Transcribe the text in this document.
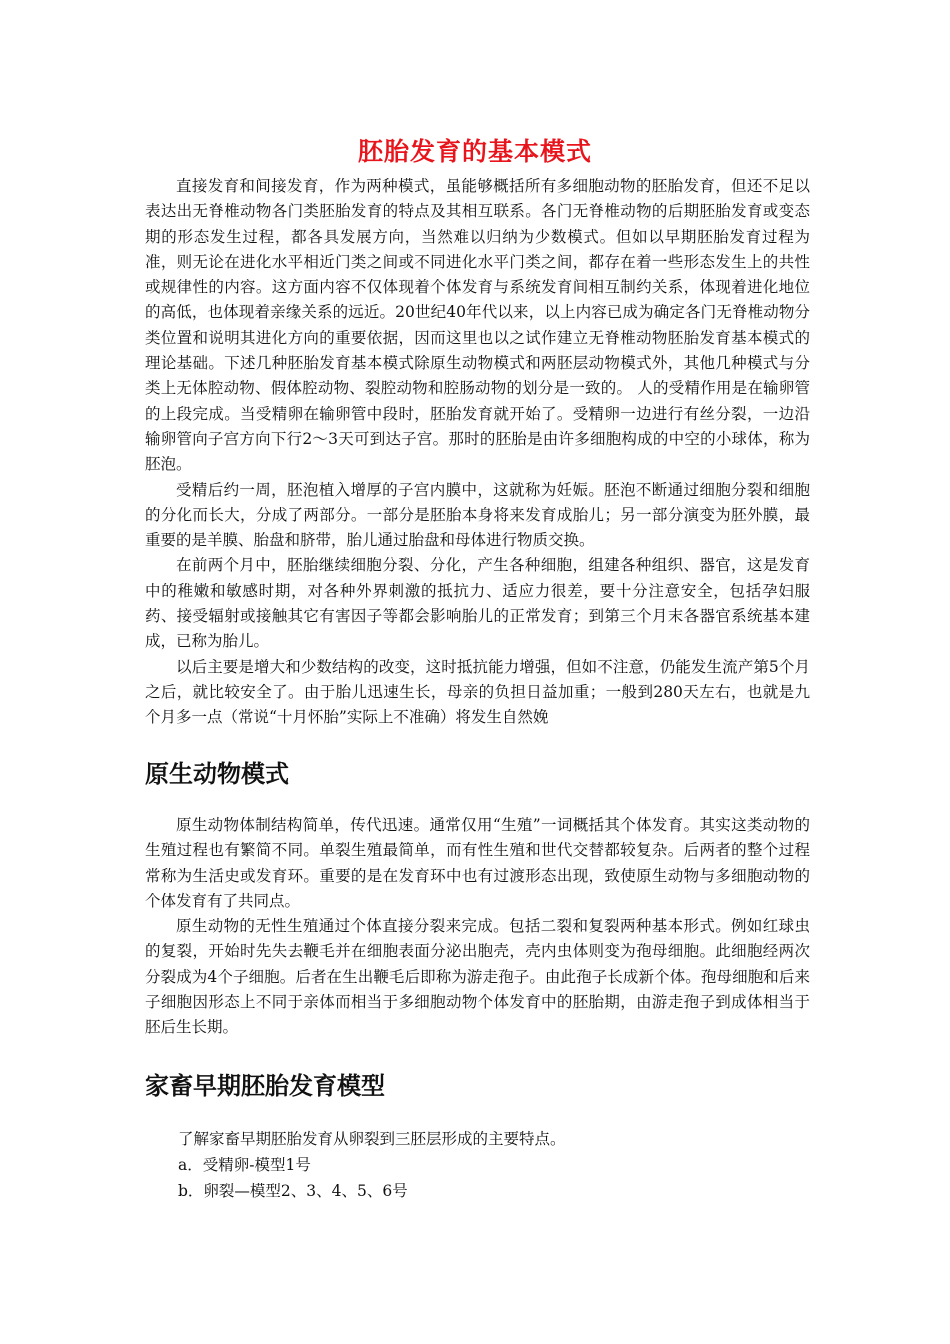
胚胎发育的基本模式

直接发育和间接发育，作为两种模式，虽能够概括所有多细胞动物的胚胎发育，但还不足以表达出无脊椎动物各门类胚胎发育的特点及其相互联系。各门无脊椎动物的后期胚胎发育或变态期的形态发生过程，都各具发展方向，当然难以归纳为少数模式。但如以早期胚胎发育过程为准，则无论在进化水平相近门类之间或不同进化水平门类之间，都存在着一些形态发生上的共性或规律性的内容。这方面内容不仅体现着个体发育与系统发育间相互制约关系，体现着进化地位的高低，也体现着亲缘关系的远近。20世纪40年代以来，以上内容已成为确定各门无脊椎动物分类位置和说明其进化方向的重要依据，因而这里也以之试作建立无脊椎动物胚胎发育基本模式的理论基础。下述几种胚胎发育基本模式除原生动物模式和两胚层动物模式外，其他几种模式与分类上无体腔动物、假体腔动物、裂腔动物和腔肠动物的划分是一致的。 人的受精作用是在输卵管的上段完成。当受精卵在输卵管中段时，胚胎发育就开始了。受精卵一边进行有丝分裂，一边沿输卵管向子宫方向下行2～3天可到达子宫。那时的胚胎是由许多细胞构成的中空的小球体，称为胚泡。

受精后约一周，胚泡植入增厚的子宫内膜中，这就称为妊娠。胚泡不断通过细胞分裂和细胞的分化而长大，分成了两部分。一部分是胚胎本身将来发育成胎儿；另一部分演变为胚外膜，最重要的是羊膜、胎盘和脐带，胎儿通过胎盘和母体进行物质交换。

在前两个月中，胚胎继续细胞分裂、分化，产生各种细胞，组建各种组织、器官，这是发育中的稚嫩和敏感时期，对各种外界刺激的抵抗力、适应力很差，要十分注意安全，包括孕妇服药、接受辐射或接触其它有害因子等都会影响胎儿的正常发育；到第三个月末各器官系统基本建成，已称为胎儿。

以后主要是增大和少数结构的改变，这时抵抗能力增强，但如不注意，仍能发生流产第5个月之后，就比较安全了。由于胎儿迅速生长，母亲的负担日益加重；一般到280天左右，也就是九个月多一点（常说“十月怀胎”实际上不准确）将发生自然娩

原生动物模式

原生动物体制结构简单，传代迅速。通常仅用“生殖”一词概括其个体发育。其实这类动物的生殖过程也有繁简不同。单裂生殖最简单，而有性生殖和世代交替都较复杂。后两者的整个过程常称为生活史或发育环。重要的是在发育环中也有过渡形态出现，致使原生动物与多细胞动物的个体发育有了共同点。

原生动物的无性生殖通过个体直接分裂来完成。包括二裂和复裂两种基本形式。例如红球虫的复裂，开始时先失去鞭毛并在细胞表面分泌出胞壳，壳内虫体则变为孢母细胞。此细胞经两次分裂成为4个子细胞。后者在生出鞭毛后即称为游走孢子。由此孢子长成新个体。孢母细胞和后来子细胞因形态上不同于亲体而相当于多细胞动物个体发育中的胚胎期，由游走孢子到成体相当于胚后生长期。

家畜早期胚胎发育模型
了解家畜早期胚胎发育从卵裂到三胚层形成的主要特点。
a．受精卵-模型1号
b．卵裂—模型2、3、4、5、6号
